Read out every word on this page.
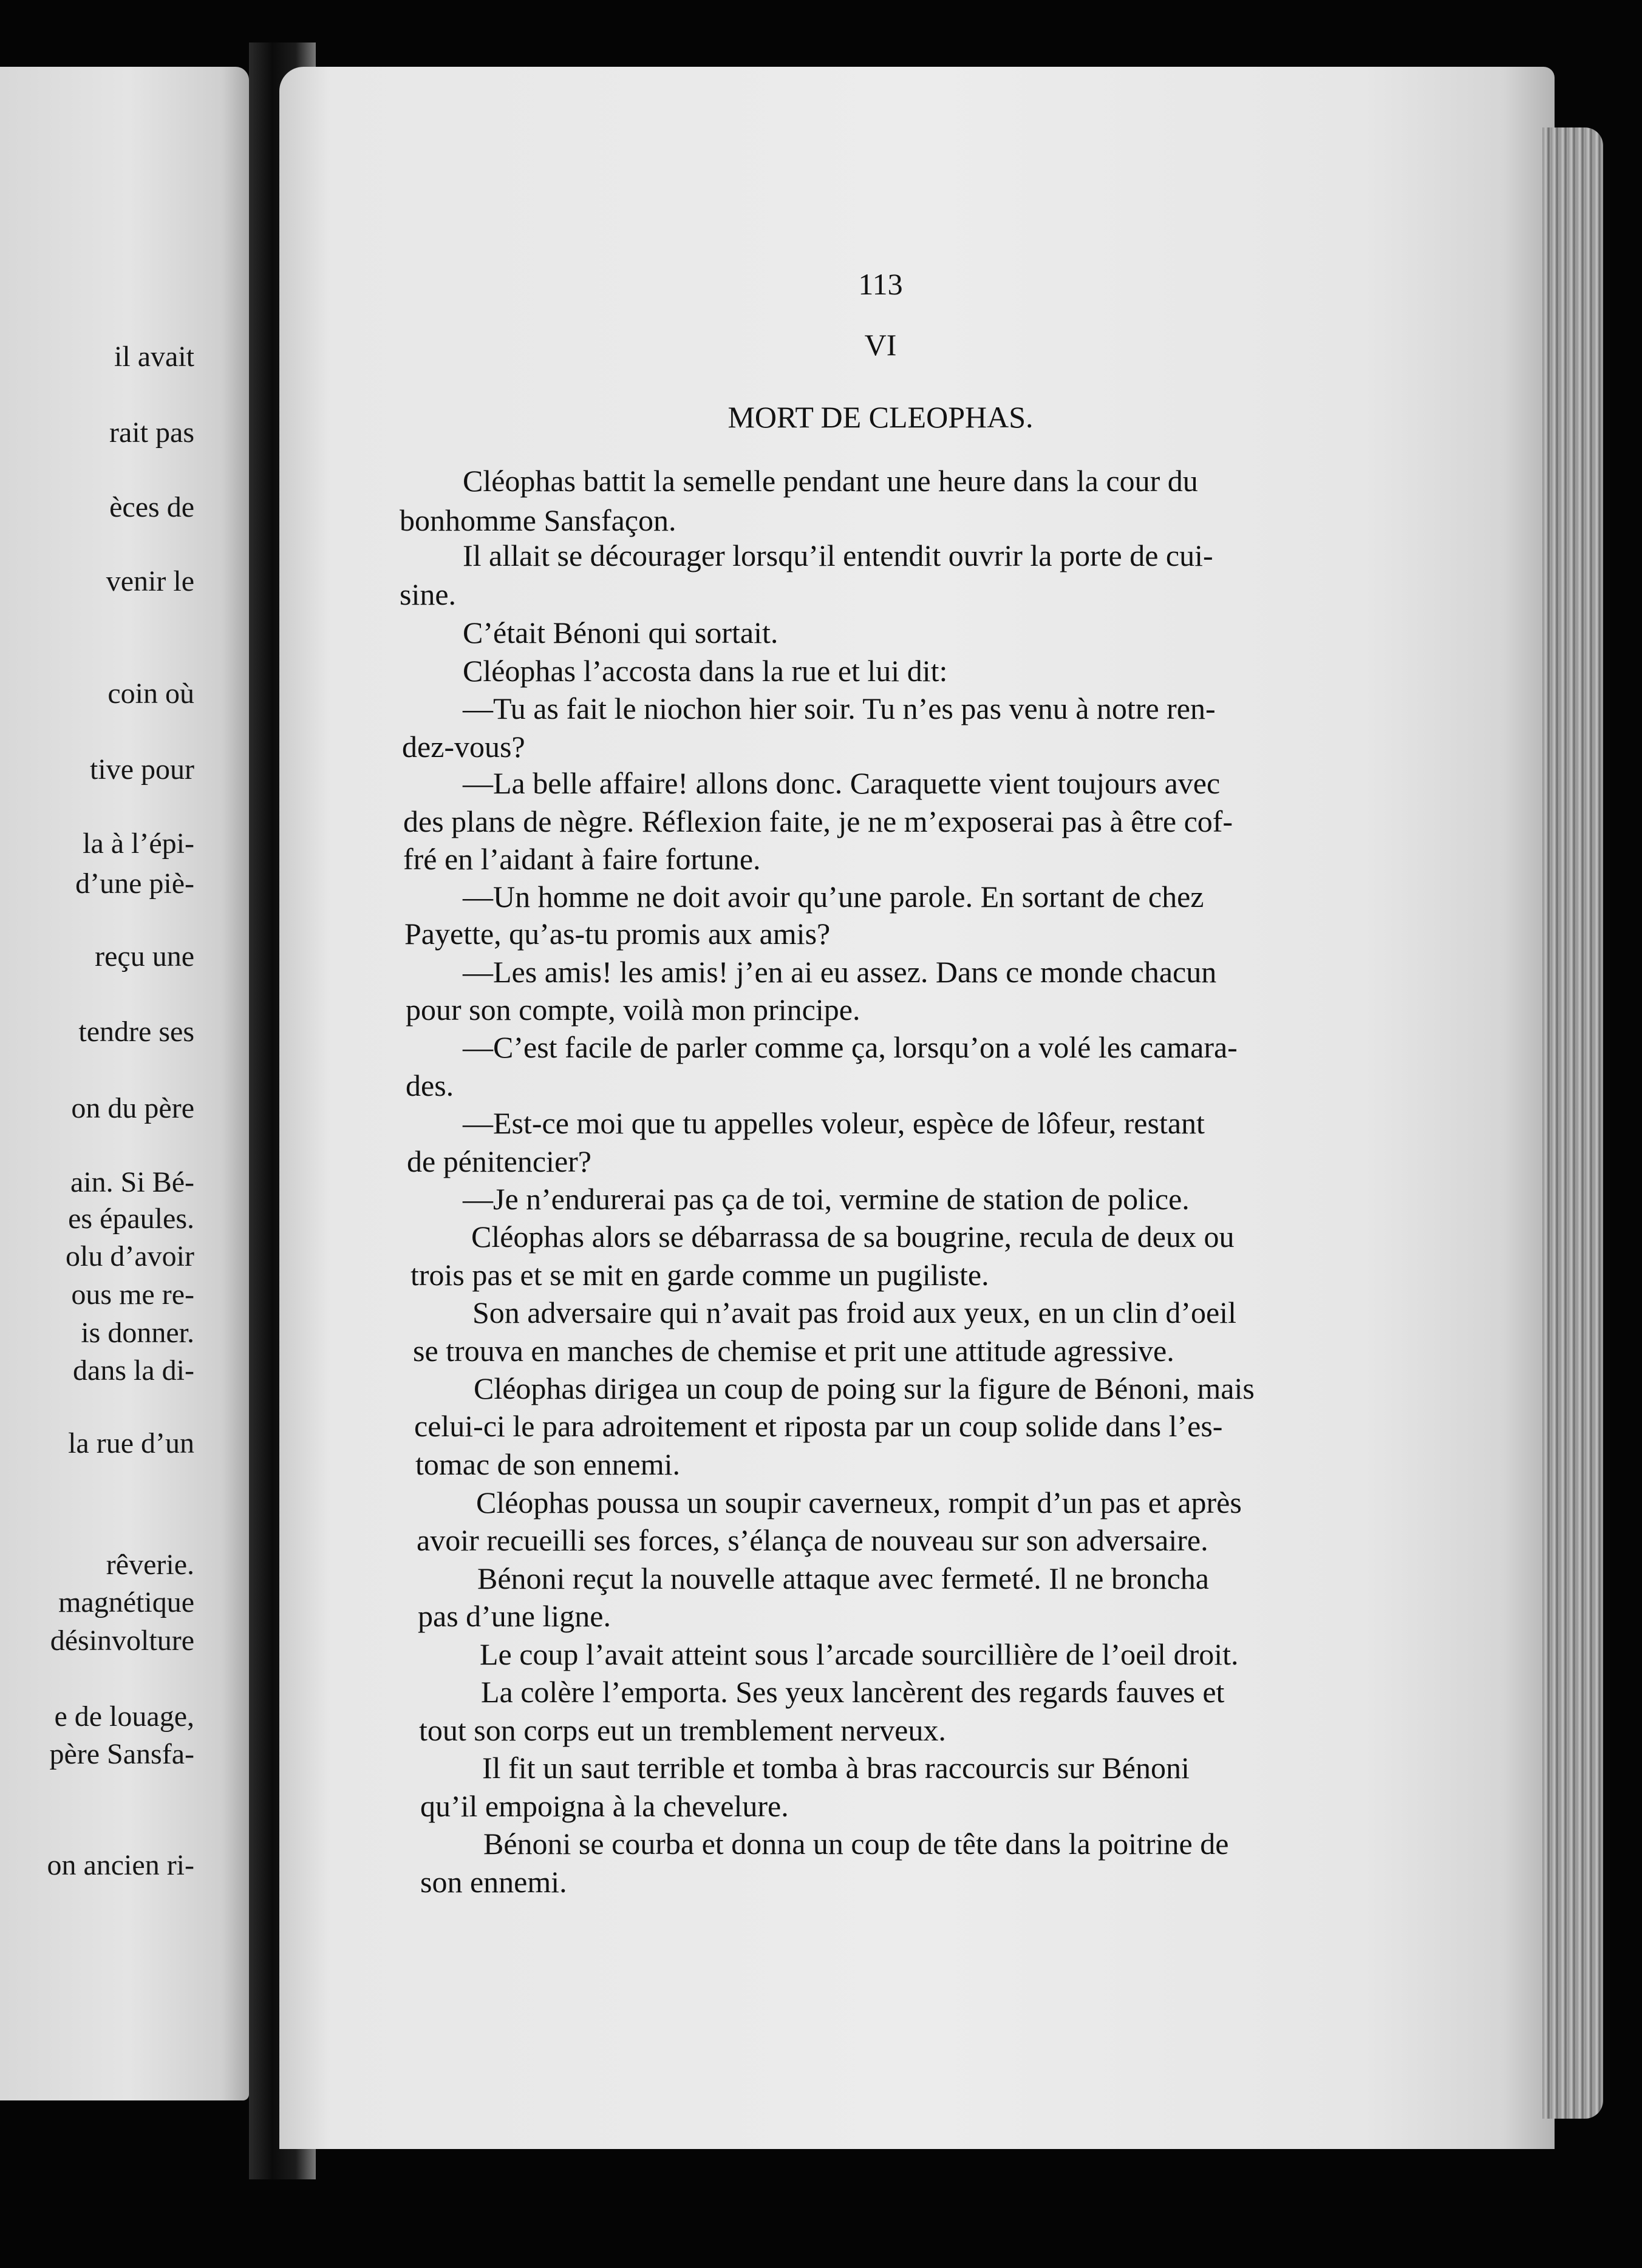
il avait
rait pas
èces de
venir le
coin où
tive pour
la à l’épi-
d’une piè-
reçu une
tendre ses
on du père
ain. Si Bé-
es épaules.
olu d’avoir
ous me re-
is donner.
dans la di-
la rue d’un
rêverie.
magnétique
désinvolture
e de louage,
père Sansfa-
on ancien ri-
113
VI
MORT DE CLEOPHAS.
Cléophas battit la semelle pendant une heure dans la cour du
bonhomme Sansfaçon.
Il allait se décourager lorsqu’il entendit ouvrir la porte de cui-
sine.
C’était Bénoni qui sortait.
Cléophas l’accosta dans la rue et lui dit:
—Tu as fait le niochon hier soir. Tu n’es pas venu à notre ren-
dez-vous?
—La belle affaire! allons donc. Caraquette vient toujours avec
des plans de nègre. Réflexion faite, je ne m’exposerai pas à être cof-
fré en l’aidant à faire fortune.
—Un homme ne doit avoir qu’une parole. En sortant de chez
Payette, qu’as-tu promis aux amis?
—Les amis! les amis! j’en ai eu assez. Dans ce monde chacun
pour son compte, voilà mon principe.
—C’est facile de parler comme ça, lorsqu’on a volé les camara-
des.
—Est-ce moi que tu appelles voleur, espèce de lôfeur, restant
de pénitencier?
—Je n’endurerai pas ça de toi, vermine de station de police.
Cléophas alors se débarrassa de sa bougrine, recula de deux ou
trois pas et se mit en garde comme un pugiliste.
Son adversaire qui n’avait pas froid aux yeux, en un clin d’oeil
se trouva en manches de chemise et prit une attitude agressive.
Cléophas dirigea un coup de poing sur la figure de Bénoni, mais
celui-ci le para adroitement et riposta par un coup solide dans l’es-
tomac de son ennemi.
Cléophas poussa un soupir caverneux, rompit d’un pas et après
avoir recueilli ses forces, s’élança de nouveau sur son adversaire.
Bénoni reçut la nouvelle attaque avec fermeté. Il ne broncha
pas d’une ligne.
Le coup l’avait atteint sous l’arcade sourcillière de l’oeil droit.
La colère l’emporta. Ses yeux lancèrent des regards fauves et
tout son corps eut un tremblement nerveux.
Il fit un saut terrible et tomba à bras raccourcis sur Bénoni
qu’il empoigna à la chevelure.
Bénoni se courba et donna un coup de tête dans la poitrine de
son ennemi.
